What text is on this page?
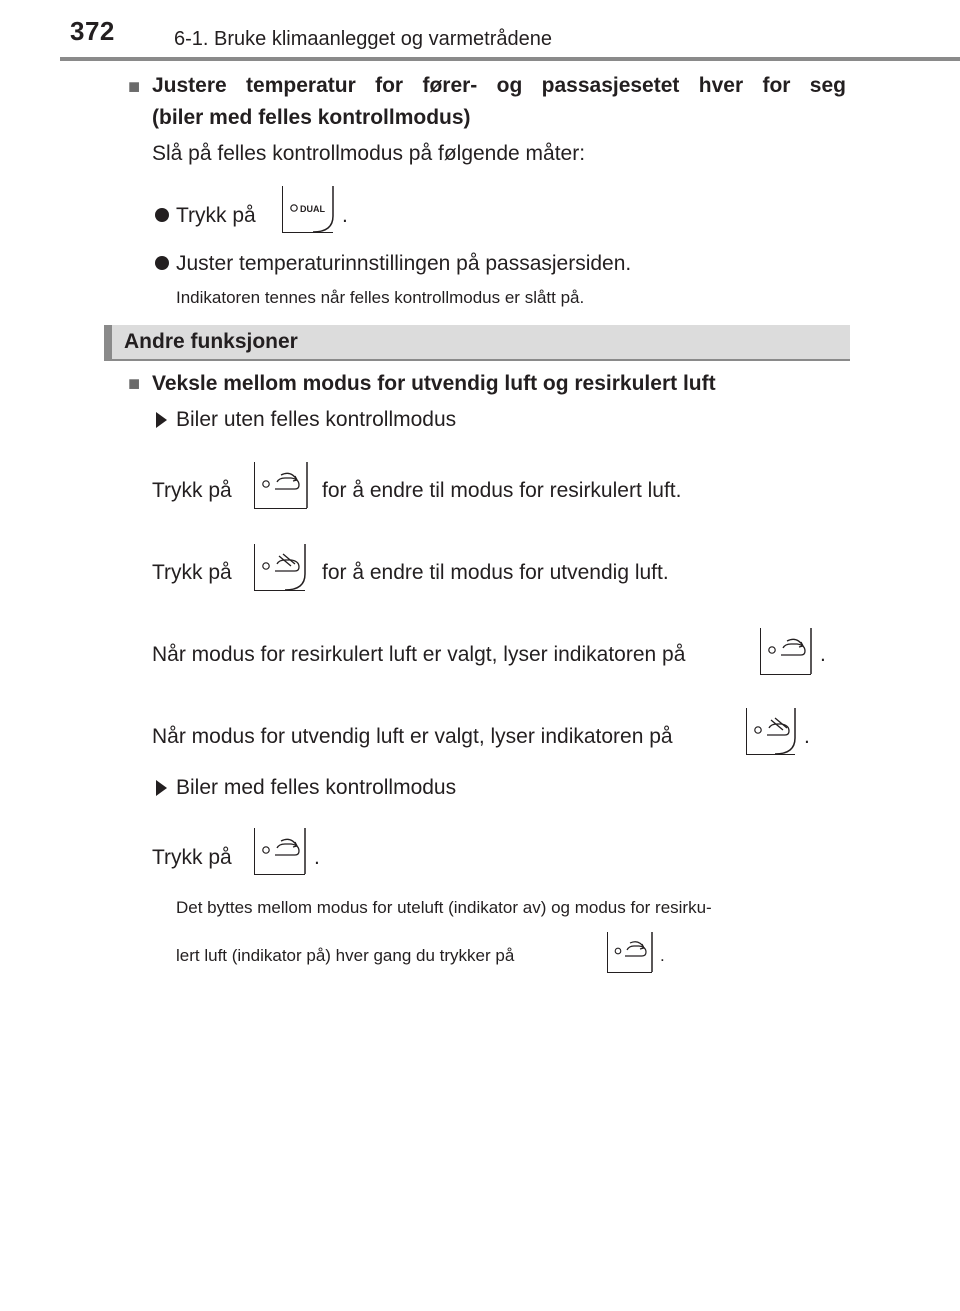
372	6-1. Bruke klimaanlegget og varmetrådene
■ Justere temperatur for fører- og passasjesetet hver for seg
(biler med felles kontrollmodus)
Slå på felles kontrollmodus på følgende måter:
Trykk på	DUAL .
Juster temperaturinnstillingen på passasjersiden.
Indikatoren tennes når felles kontrollmodus er slått på.
Andre funksjoner
■ Veksle mellom modus for utvendig luft og resirkulert luft
Biler uten felles kontrollmodus
Trykk på	for å endre til modus for resirkulert luft.
Trykk på	for å endre til modus for utvendig luft.
Når modus for resirkulert luft er valgt, lyser indikatoren på	.
Når modus for utvendig luft er valgt, lyser indikatoren på	.
Biler med felles kontrollmodus
Trykk på	.
Det byttes mellom modus for uteluft (indikator av) og modus for resirku-
lert luft (indikator på) hver gang du trykker på	.
